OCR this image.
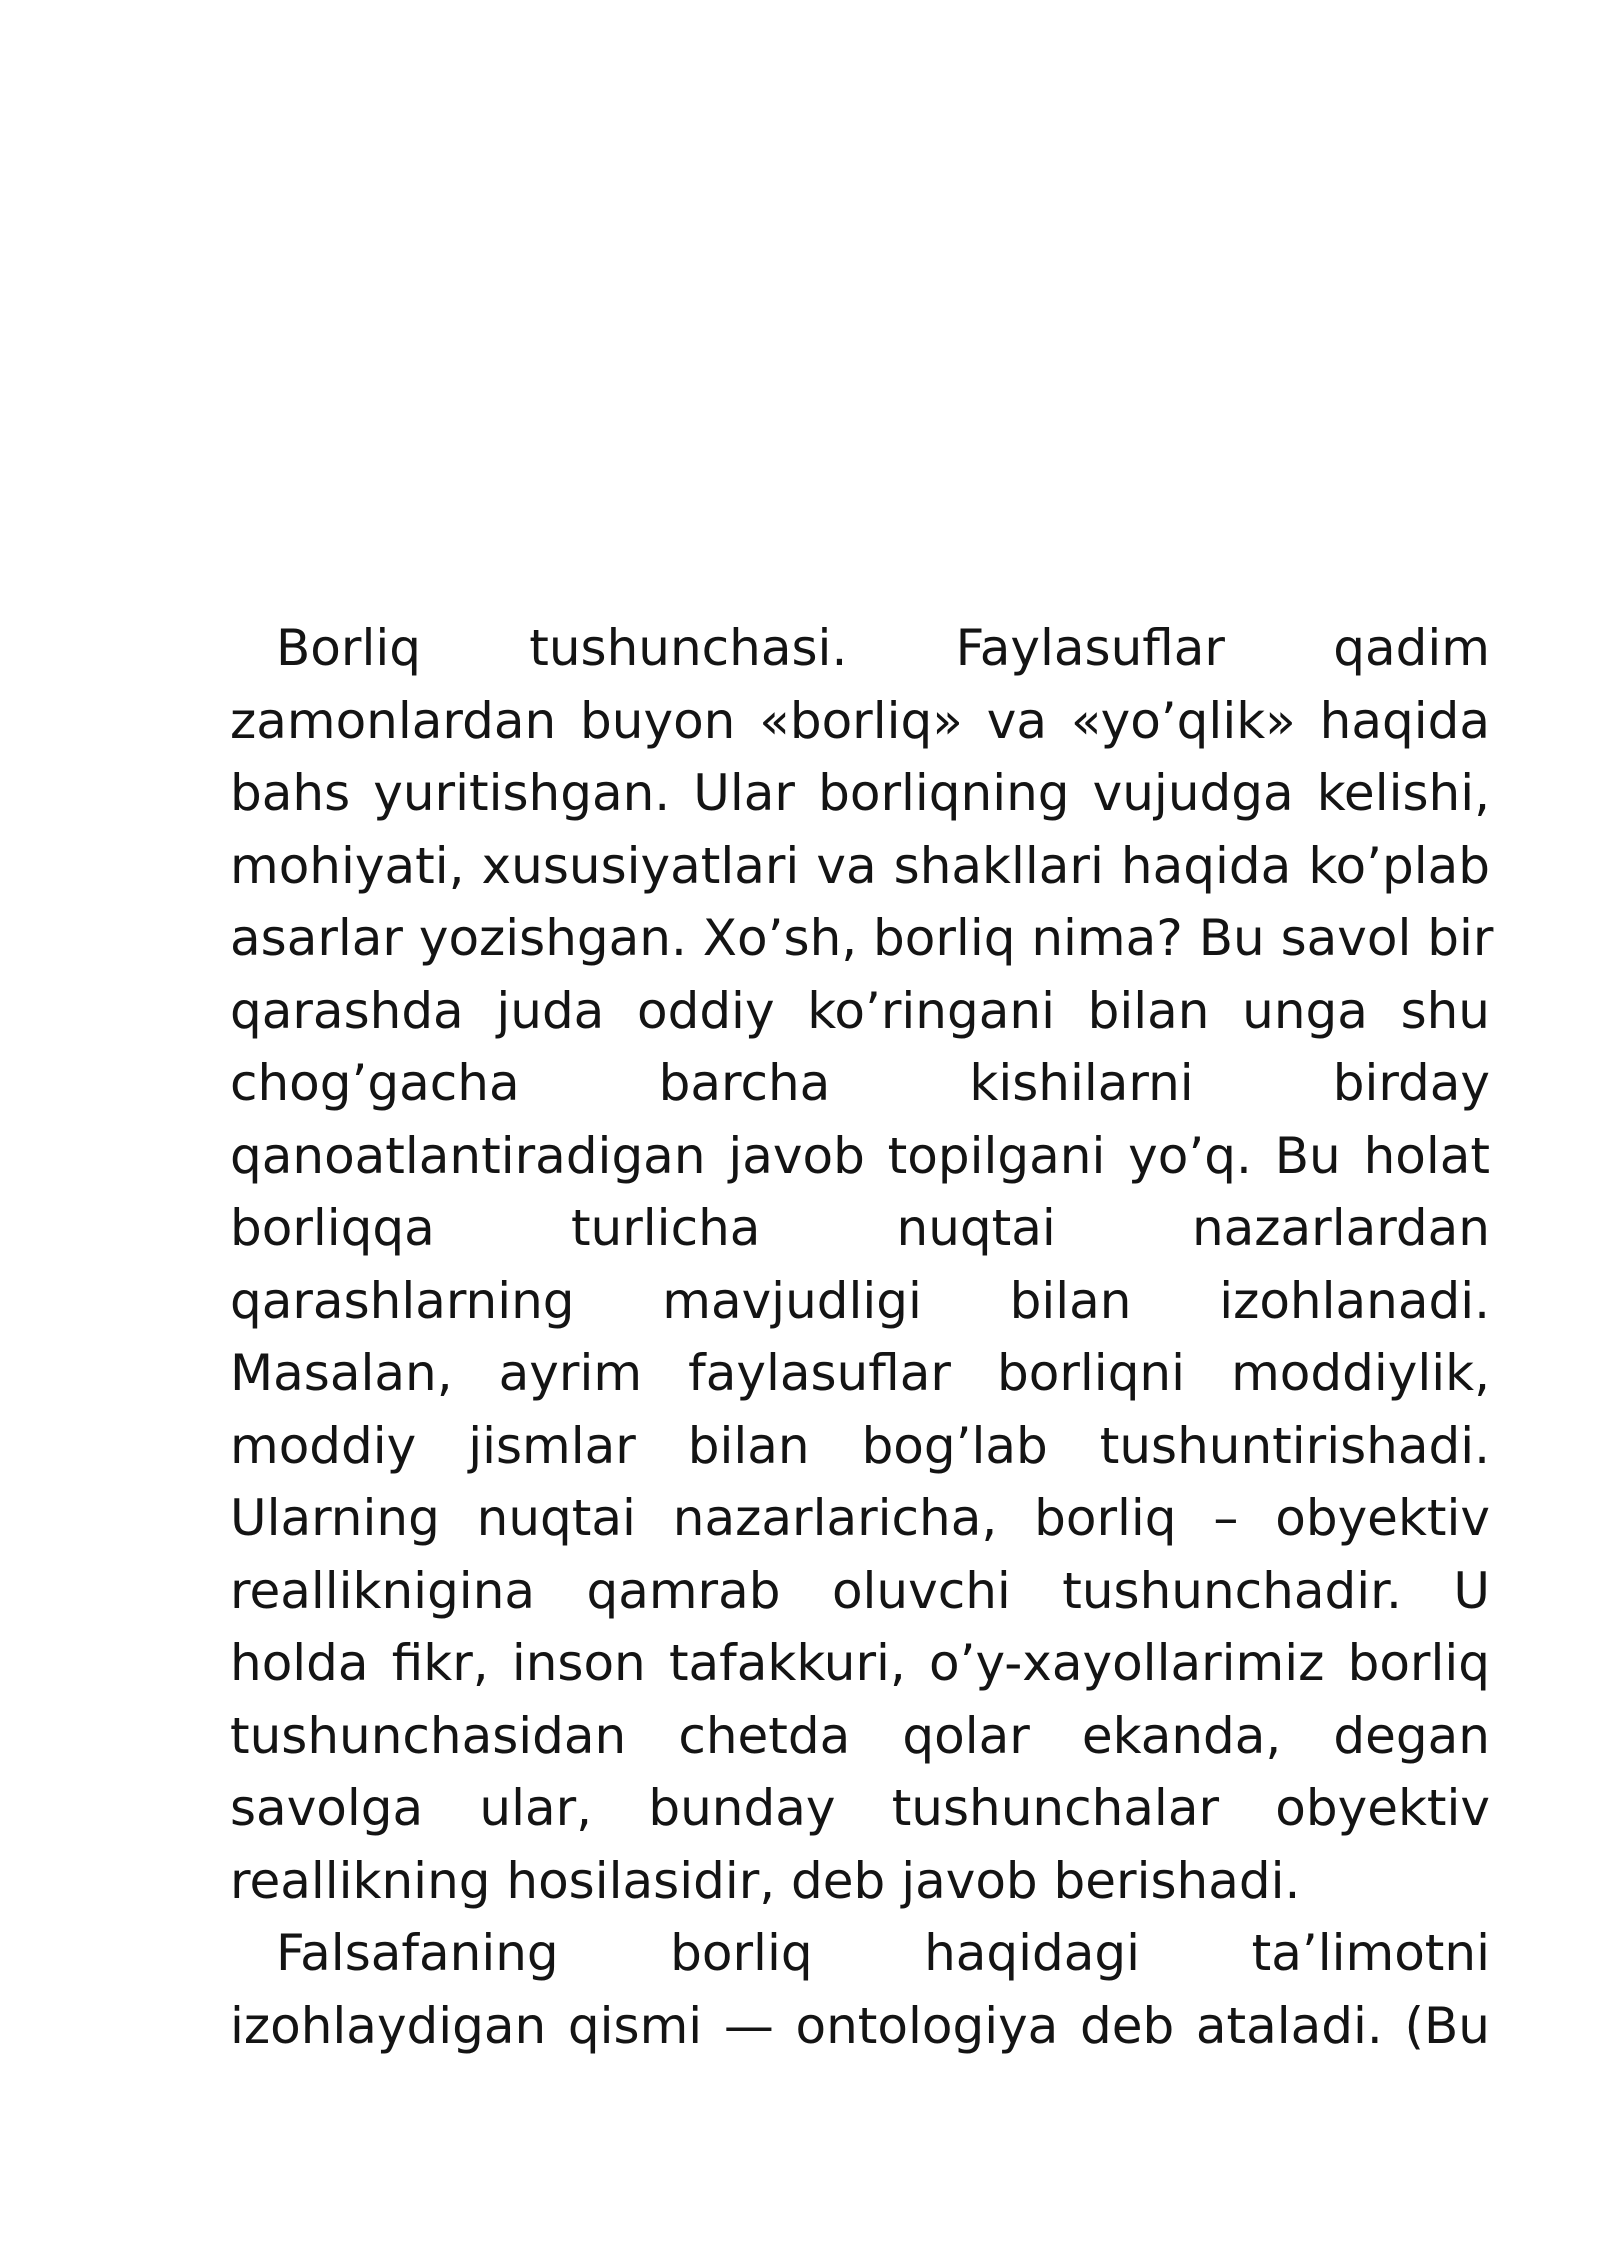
Borliq tushunchasi. Faylasuflar qadim
zamonlardan buyon «borliq» va «yo’qlik» haqida
bahs yuritishgan. Ular borliqning vujudga kelishi,
mohiyati, xususiyatlari va shakllari haqida ko’plab
asarlar yozishgan. Xo’sh, borliq nima? Bu savol bir
qarashda juda oddiy ko’ringani bilan unga shu
chog’gacha barcha kishilarni birday
qanoatlantiradigan javob topilgani yo’q. Bu holat
borliqqa turlicha nuqtai nazarlardan
qarashlarning mavjudligi bilan izohlanadi.
Masalan, ayrim faylasuflar borliqni moddiylik,
moddiy jismlar bilan bog’lab tushuntirishadi.
Ularning nuqtai nazarlaricha, borliq – obyektiv
reallikniginа qamrab oluvchi tushunchadir. U
holda fikr, inson tafakkuri, o’y-xayollarimiz borliq
tushunchasidan chetda qolar ekanda, degan
savolga ular, bunday tushunchalar obyektiv
reallikning hosilasidir, deb javob berishadi.
Falsafaning borliq haqidagi ta’limotni
izohlaydigan qismi — ontologiya deb ataladi. (Bu
